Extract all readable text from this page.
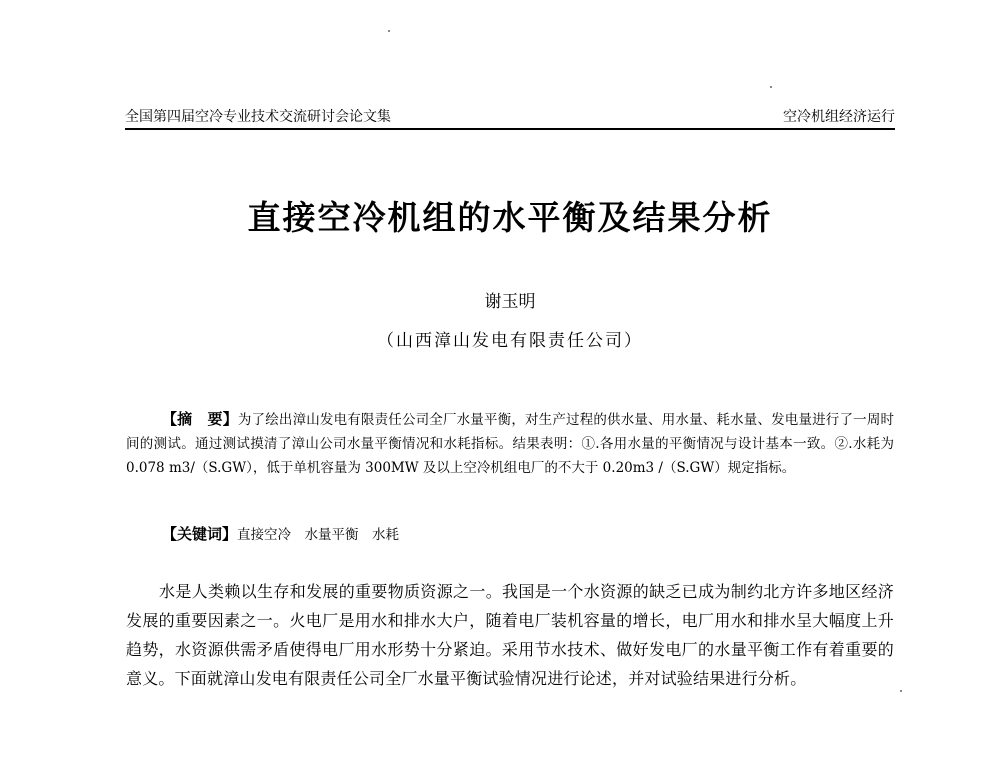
全国第四届空冷专业技术交流研讨会论文集	空冷机组经济运行
直接空冷机组的水平衡及结果分析
谢玉明
（山西漳山发电有限责任公司）
【摘　要】为了绘出漳山发电有限责任公司全厂水量平衡，对生产过程的供水量、用水量、耗水量、发电量进行了一周时间的测试。通过测试摸清了漳山公司水量平衡情况和水耗指标。结果表明：①.各用水量的平衡情况与设计基本一致。②.水耗为 0.078 m3/（S.GW），低于单机容量为 300MW 及以上空冷机组电厂的不大于 0.20m3 /（S.GW）规定指标。
【关键词】直接空冷　水量平衡　水耗
水是人类赖以生存和发展的重要物质资源之一。我国是一个水资源的缺乏已成为制约北方许多地区经济发展的重要因素之一。火电厂是用水和排水大户，随着电厂装机容量的增长，电厂用水和排水呈大幅度上升趋势，水资源供需矛盾使得电厂用水形势十分紧迫。采用节水技术、做好发电厂的水量平衡工作有着重要的意义。下面就漳山发电有限责任公司全厂水量平衡试验情况进行论述，并对试验结果进行分析。
